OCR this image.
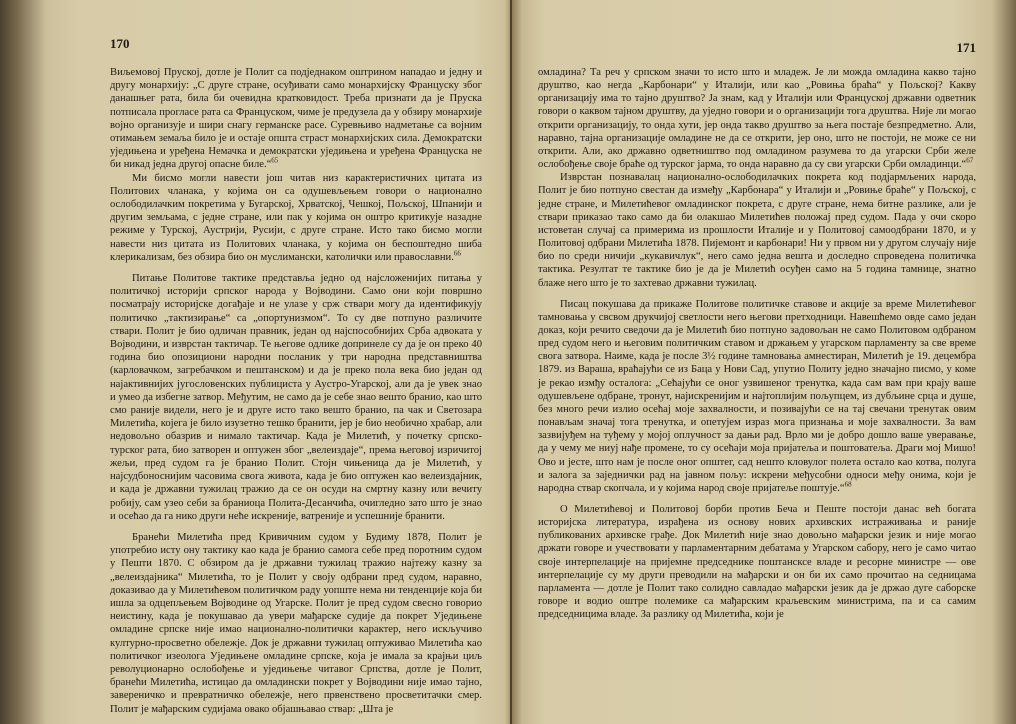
170

Виљемовој Пруској, дотле је Полит са подједнаком оштрином нападао и једну и другу монархију: „С друге стране, осуђивати само монархијску Француску због данашњег рата, била би очевидна кратковидост. Треба признати да је Пруска потписала прогласе рата са Француском, чиме је предузела да у обзиру монархије војно организује и шири снагу германске расе. Суревњиво надметање са војним отимањем земаља било је и остаје општа страст монархијских сила. Демократски уједињена и уређена Немачка и демократски уједињена и уређена Француска не би никад једна другој опасне биле.“$^{65}$

Ми бисмо могли навести још читав низ карактеристичних цитата из Политових чланака, у којима он са одушевљењем говори о национално ослободилачким покретима у Бугарској, Хрватској, Чешкој, Пољској, Шпанији и другим земљама, с једне стране, или пак у којима он оштро критикује назадне режиме у Турској, Аустрији, Русији, с друге стране. Исто тако бисмо могли навести низ цитата из Политових чланака, у којима он беспоштедно шиба клерикализам, без обзира био он муслимански, католички или православни.$^{66}$

Питање Политове тактике представља једно од најсложенијих питања у политичкој историји српског народа у Војводини. Само они који површно посматрају историјске догађаје и не улазе у срж ствари могу да идентификују политичко „тактизирање“ са „опортунизмом“. То су две потпуно различите ствари. Полит је био одличан правник, један од најспособнијих Срба адвоката у Војводини, и изврстан тактичар. Те његове одлике допринеле су да је он преко 40 година био опозициони народни посланик у три народна представништва (карловачком, загребачком и пештанском) и да је преко пола века био један од најактивнијих југословенских публициста у Аустро-Угарској, али да је увек знао и умео да избегне затвор. Међутим, не само да је себе знао вешто бранио, као што смо раније видели, него је и друге исто тако вешто бранио, па чак и Светозара Милетића, којега је било изузетно тешко бранити, јер је био необично храбар, али недовољно обазрив и нимало тактичар. Када је Милетић, у почетку српско-турског рата, био затворен и оптужен због „велеиздаје“, према његовој изричитој жељи, пред судом га је бранио Полит. Стојн чињеница да је Милетић, у најсудбоноснијим часовима свога живота, када је био оптужен као велеиздајник, и када је државни тужилац тражио да се он осуди на смртну казну или вечиту робију, сам узео себи за браниоца Полита-Десанчића, очигледно зато што је знао и осећао да га нико други неће искреније, ватреније и успешније бранити.

Бранећи Милетића пред Кривичним судом у Будиму 1878, Полит је употребио исту ону тактику као када је бранио самога себе пред поротним судом у Пешти 1870. С обзиром да је државни тужилац тражио најтежу казну за „велеиздајника“ Милетића, то је Полит у своју одбрани пред судом, наравно, доказивао да у Милетићевом политичком раду уопште нема ни тенденције која би ишла за одцепљењем Војводине од Угарске. Полит је пред судом свесно говорио неистину, када је покушавао да увери мађарске судије да покрет Уједињене омладине српске није имао национално-политички карактер, него искључиво културно-просветно обележје. Док је државни тужилац оптуживао Милетића као политичког изеолога Уједињене омладине српске, која је имала за крајњи циљ револуционарно ослобођење и уједињење читавог Српства, дотле је Полит, бранећи Милетића, истицао да омладински покрет у Војводини није имао тајно, завереничко и превратничко обележје, него првенствено просветитачки смер. Полит је мађарским судијама овако објашњавао ствар: „Шта је

171

омладина? Та реч у српском значи то исто што и младеж. Је ли можда омладина какво тајно друштво, као негда „Карбонари“ у Италији, или као „Ровиња браћа“ у Пољској? Какву организацију има то тајно друштво? Ја знам, кад у Италији или Француској државни одветник говори о каквом тајном друштву, да уједно говори и о организацији тога друштва. Није ли могао открити организацију, то онда хути, јер онда такво друштво за њега постаје безпредметно. Али, наравно, тајна организације омладине не да се открити, јер оно, што не постоји, не може се ни открити. Али, ако државно одветништво под омладином разумева то да угарски Срби желе ослобођење своје браће од турског јарма, то онда наравно да су сви угарски Срби омладинци.“$^{67}$

Изврстан познавалац национално-ослободилачких покрета код подјармљених народа, Полит је био потпуно свестан да између „Карбонара“ у Италији и „Ровиње браће“ у Пољској, с једне стране, и Милетићевог омладинског покрета, с друге стране, нема битне разлике, али је ствари приказао тако само да би олакшао Милетићев положај пред судом. Пада у очи скоро истоветан случај са примерима из прошлости Италије и у Политовој самоодбрани 1870, и у Политовој одбрани Милетића 1878. Пијемонт и карбонари! Ни у првом ни у другом случају није био по среди ничији „кукавичлук“, него само једна вешта и доследно спроведена политичка тактика. Резултат те тактике био је да је Милетић осуђен само на 5 година тамнице, знатно блаже него што је то захтевао државни тужилац.

Писац покушава да прикаже Политове политичке ставове и акције за време Милетићевог тамновања у свсвом друкчијој светлости него његови претходници. Навешћемо овде само један доказ, који речито сведочи да је Милетић био потпуно задовољан не само Политовом одбраном пред судом него и његовим политичким ставом и држањем у угарском парламенту за све време свога затвора. Наиме, када је после 3½ године тамновања амнестиран, Милетић је 19. децембра 1879. из Вараша, враћајући се из Баца у Нови Сад, упутио Политу једно значајно писмо, у коме је рекао измђу осталога: „Сећајући се оног узвишеног тренутка, када сам вам при крају ваше одушевљене одбране, тронут, најискренијим и најтоплијим пољупцем, из дубљине срца и душе, без много речи излио осећај моје захвалности, и позивајући се на тај свечани тренутак овим понављам значај тога тренутка, и опетујем израз мога признања и моје захвалности. За вам зазвијуђем на туђему у мојој оплучност за дањи рад. Врло ми је добро дошло ваше уверавање, да у чему ме ниуј нађе промене, то су осећаји моја пријатеља и поштоватеља. Драги мој Мишо! Ово и јесте, што нам је после оног општег, сад нешто кловулог полета остало као котва, полуга и залога за заједнички рад на јавном пољу: искрени међусобни односи међу онима, који је народна ствар скопчала, и у којима народ своје пријатеље поштује.“$^{68}$

О Милетићевој и Политовој борби против Беча и Пеште постоји данас већ богата историјска литература, израђена из основу нових архивских истраживања и раније публикованих архивске грађе. Док Милетић није знао довољно мађарски језик и није могао држати говоре и учествовати у парламентарним дебатама у Угарском сабору, него је само читао своје интерпелације на пријемне председнике поштансксе владе и ресорне министре — ове интерпелације су му други преводили на мађарски и он би их само прочитао на седницама парламента — дотле је Полит тако солидно савладао мађарски језик да је држао дуге саборске говоре и водио оштре полемике са мађарским краљевским министрима, па и са самим председницима владе. За разлику од Милетића, који је
